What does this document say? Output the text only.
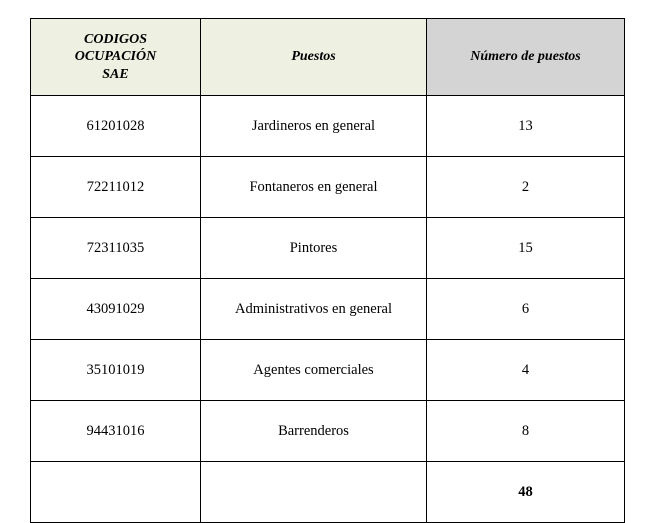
CODIGOS
OCUPACIÓN
SAE	Puestos	Número de puestos
61201028	Jardineros en general	13
72211012	Fontaneros en general	2
72311035	Pintores	15
43091029	Administrativos en general	6
35101019	Agentes comerciales	4
94431016	Barrenderos	8
		48
